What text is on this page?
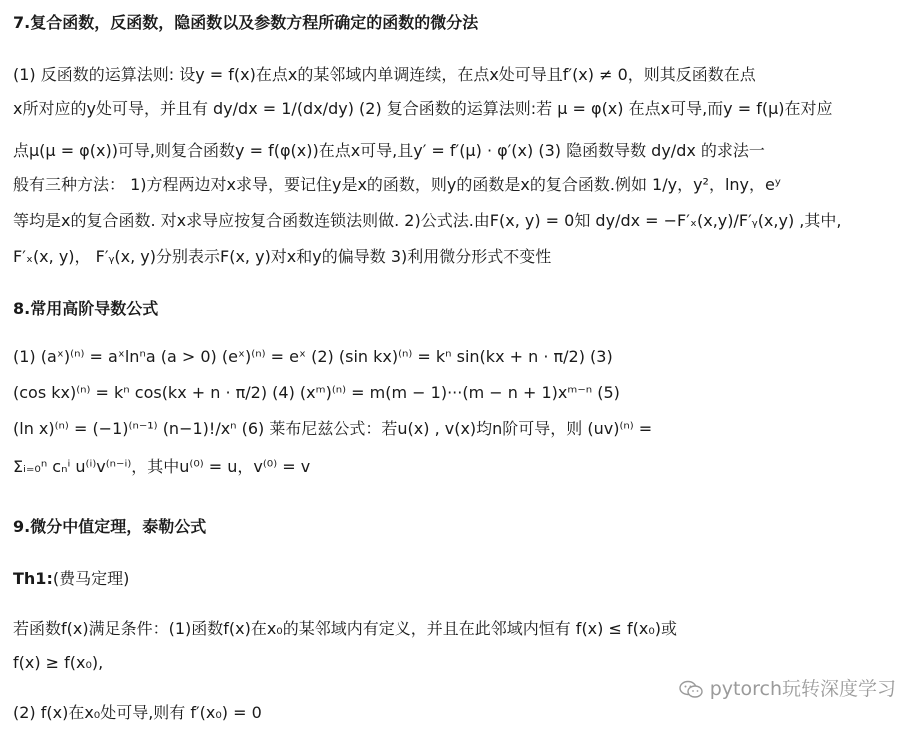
7.复合函数，反函数，隐函数以及参数方程所确定的函数的微分法
(1) 反函数的运算法则: 设y = f(x)在点x的某邻域内单调连续，在点x处可导且f′(x) ≠ 0，则其反函数在点
x所对应的y处可导，并且有 dy/dx = 1/(dx/dy) (2) 复合函数的运算法则:若 μ = φ(x) 在点x可导,而y = f(μ)在对应
点μ(μ = φ(x))可导,则复合函数y = f(φ(x))在点x可导,且y′ = f′(μ) · φ′(x) (3) 隐函数导数 dy/dx 的求法一
般有三种方法： 1)方程两边对x求导，要记住y是x的函数，则y的函数是x的复合函数.例如 1/y，y²，lny，eʸ
等均是x的复合函数. 对x求导应按复合函数连锁法则做. 2)公式法.由F(x, y) = 0知 dy/dx = −F′ₓ(x,y)/F′ᵧ(x,y) ,其中,
F′ₓ(x, y)， F′ᵧ(x, y)分别表示F(x, y)对x和y的偏导数 3)利用微分形式不变性
8.常用高阶导数公式
(1) (aˣ)⁽ⁿ⁾ = aˣlnⁿa (a > 0) (eˣ)⁽ⁿ⁾ = eˣ (2) (sin kx)⁽ⁿ⁾ = kⁿ sin(kx + n · π/2) (3)
(cos kx)⁽ⁿ⁾ = kⁿ cos(kx + n · π/2) (4) (xᵐ)⁽ⁿ⁾ = m(m − 1)···(m − n + 1)xᵐ⁻ⁿ (5)
(ln x)⁽ⁿ⁾ = (−1)⁽ⁿ⁻¹⁾ (n−1)!/xⁿ (6) 莱布尼兹公式：若u(x) , v(x)均n阶可导，则 (uv)⁽ⁿ⁾ =
Σᵢ₌₀ⁿ cₙⁱ u⁽ⁱ⁾v⁽ⁿ⁻ⁱ⁾，其中u⁽⁰⁾ = u，v⁽⁰⁾ = v
9.微分中值定理，泰勒公式
Th1:(费马定理)
若函数f(x)满足条件：(1)函数f(x)在x₀的某邻域内有定义，并且在此邻域内恒有 f(x) ≤ f(x₀)或
f(x) ≥ f(x₀),
(2) f(x)在x₀处可导,则有 f′(x₀) = 0
pytorch玩转深度学习
